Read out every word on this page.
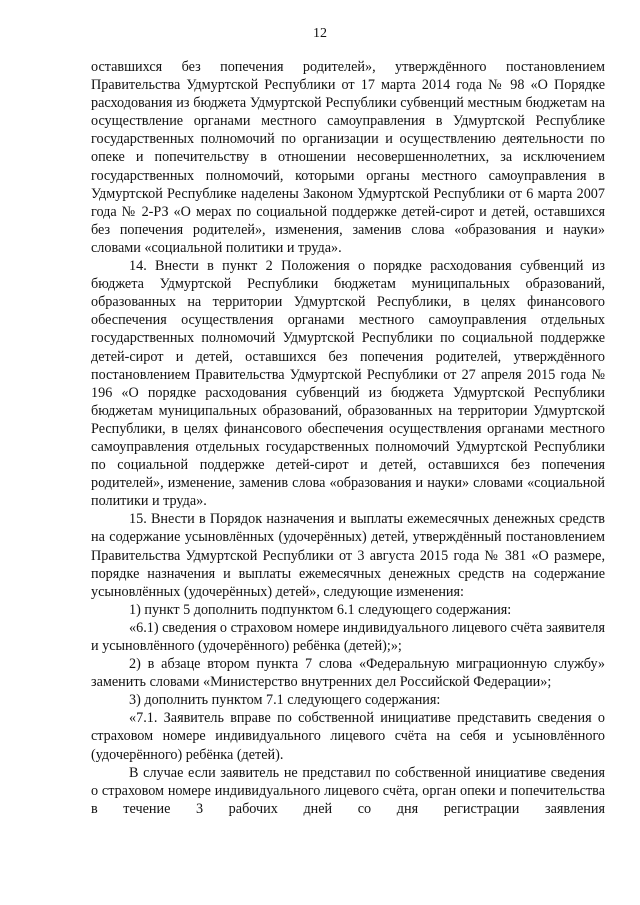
12

оставшихся без попечения родителей», утверждённого постановлением Правительства Удмуртской Республики от 17 марта 2014 года № 98 «О Порядке расходования из бюджета Удмуртской Республики субвенций местным бюджетам на осуществление органами местного самоуправления в Удмуртской Республике государственных полномочий по организации и осуществлению деятельности по опеке и попечительству в отношении несовершеннолетних, за исключением государственных полномочий, которыми органы местного самоуправления в Удмуртской Республике наделены Законом Удмуртской Республики от 6 марта 2007 года № 2-РЗ «О мерах по социальной поддержке детей-сирот и детей, оставшихся без попечения родителей», изменения, заменив слова «образования и науки» словами «социальной политики и труда».

14. Внести в пункт 2 Положения о порядке расходования субвенций из бюджета Удмуртской Республики бюджетам муниципальных образований, образованных на территории Удмуртской Республики, в целях финансового обеспечения осуществления органами местного самоуправления отдельных государственных полномочий Удмуртской Республики по социальной поддержке детей-сирот и детей, оставшихся без попечения родителей, утверждённого постановлением Правительства Удмуртской Республики от 27 апреля 2015 года № 196 «О порядке расходования субвенций из бюджета Удмуртской Республики бюджетам муниципальных образований, образованных на территории Удмуртской Республики, в целях финансового обеспечения осуществления органами местного самоуправления отдельных государственных полномочий Удмуртской Республики по социальной поддержке детей-сирот и детей, оставшихся без попечения родителей», изменение, заменив слова «образования и науки» словами «социальной политики и труда».

15. Внести в Порядок назначения и выплаты ежемесячных денежных средств на содержание усыновлённых (удочерённых) детей, утверждённый постановлением Правительства Удмуртской Республики от 3 августа 2015 года № 381 «О размере, порядке назначения и выплаты ежемесячных денежных средств на содержание усыновлённых (удочерённых) детей», следующие изменения:

1) пункт 5 дополнить подпунктом 6.1 следующего содержания:

«6.1) сведения о страховом номере индивидуального лицевого счёта заявителя и усыновлённого (удочерённого) ребёнка (детей);»;

2) в абзаце втором пункта 7 слова «Федеральную миграционную службу» заменить словами «Министерство внутренних дел Российской Федерации»;

3) дополнить пунктом 7.1 следующего содержания:

«7.1. Заявитель вправе по собственной инициативе представить сведения о страховом номере индивидуального лицевого счёта на себя и усыновлённого (удочерённого) ребёнка (детей).

В случае если заявитель не представил по собственной инициативе сведения о страховом номере индивидуального лицевого счёта, орган опеки и попечительства в течение 3 рабочих дней со дня регистрации заявления
